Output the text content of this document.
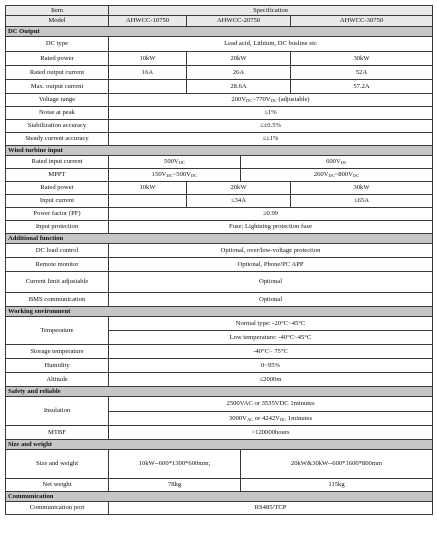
Item	Specification			
Model	AHWCC-10750	AHWCC-20750		AHWCC-30750
DC Output				
DC type	Lead acid, Lithium, DC busline etc			
Rated power	10kW	20kW		30kW
Rated output current	16A	26A		52A
Max. output current		28.6A		57.2A
Voltage range	$200V_{DC}\sim 770V_{DC}$ (adjustable)			
Noise at peak	≤1%			
Stabilization accuracy	≤±0.5%			
Steady current accuracy	≤±1%			
Wind turbine input				
Rated input current	$500V_{DC}$		$600V_{DC}$
MPPT	$150V_{DC}\sim 500V_{DC}$		$260V_{DC}\sim 800V_{DC}$
Rated power	10kW	20kW		30kW
Input current		≤34A		≤65A
Power factor (PF)	≥0.99			
Input protection	Fuse; Lightning protection fuse			
Additional function				
DC load control	Optional, over/low-voltage protection			
Remote monitor	Optional, Phone/PC APP			
Current limit adjustable	Optional			
BMS communication	Optional			
Working environment				
Temperature	Normal type: -20°C~45°C			
	Low temperature: -40°C~45°C			
Storage temperature	-40°C~ 75°C			
Humidity	0~95%			
Altitude	≤2000m			
Safety and reliable				
Insulation	2500VAC or 3535VDC 1minutes			
	$3000V_{AC}$ or $4242V_{DC}$ 1minutes			
MTBF	>120000hours			
Size and weight				
Size and weight	10kW--600*1300*600mm;		20kW&30kW--600*1600*800mm	
Net weight	78kg		115kg	
Communication				
Communication port	RS485/TCP			
